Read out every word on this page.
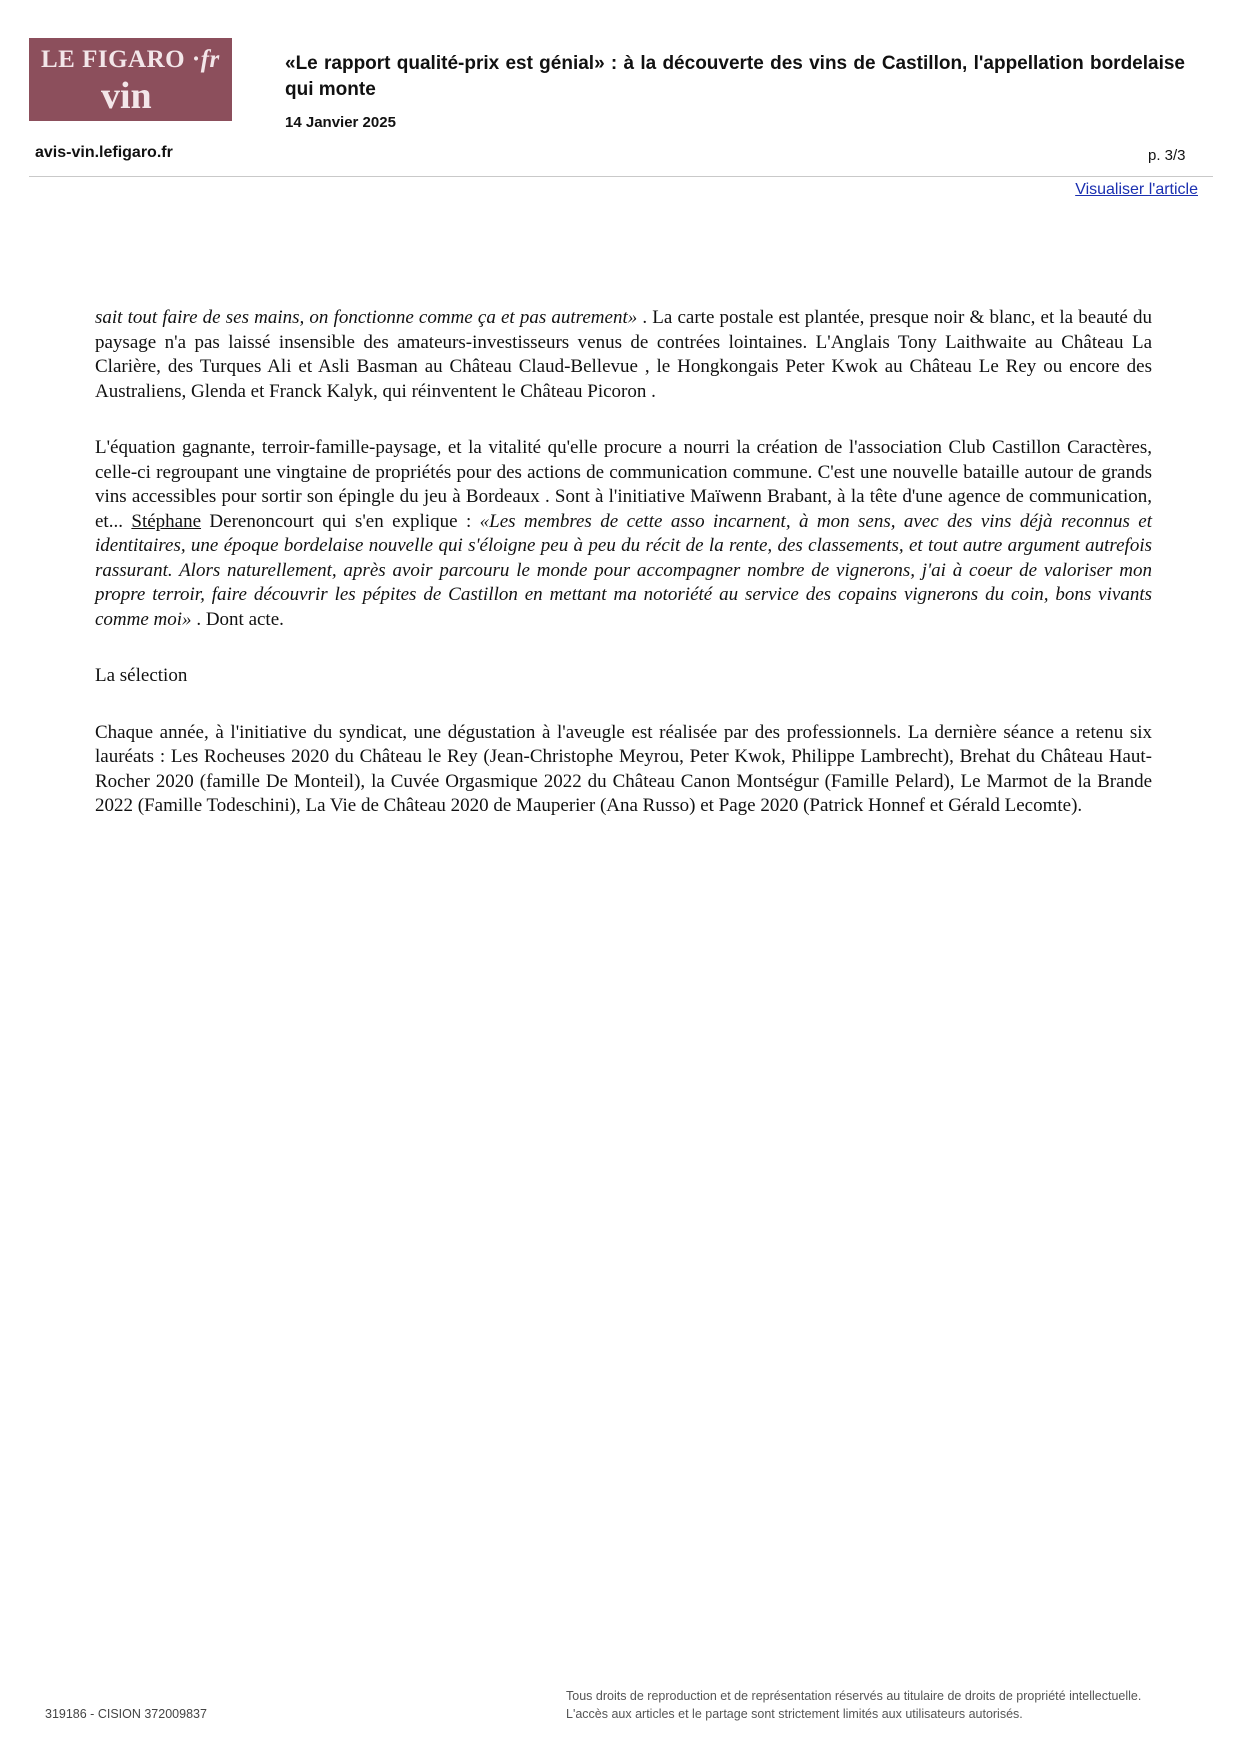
LE FIGARO ·fr
vin
«Le rapport qualité-prix est génial» : à la découverte des vins de Castillon, l'appellation bordelaise qui monte
14 Janvier 2025
avis-vin.lefigaro.fr	p. 3/3
Visualiser l'article

sait tout faire de ses mains, on fonctionne comme ça et pas autrement» . La carte postale est plantée, presque noir & blanc, et la beauté du paysage n'a pas laissé insensible des amateurs-investisseurs venus de contrées lointaines. L'Anglais Tony Laithwaite au Château La Clarière, des Turques Ali et Asli Basman au Château Claud-Bellevue , le Hongkongais Peter Kwok au Château Le Rey ou encore des Australiens, Glenda et Franck Kalyk, qui réinventent le Château Picoron .

L'équation gagnante, terroir-famille-paysage, et la vitalité qu'elle procure a nourri la création de l'association Club Castillon Caractères, celle-ci regroupant une vingtaine de propriétés pour des actions de communication commune. C'est une nouvelle bataille autour de grands vins accessibles pour sortir son épingle du jeu à Bordeaux . Sont à l'initiative Maïwenn Brabant, à la tête d'une agence de communication, et... Stéphane Derenoncourt qui s'en explique : «Les membres de cette asso incarnent, à mon sens, avec des vins déjà reconnus et identitaires, une époque bordelaise nouvelle qui s'éloigne peu à peu du récit de la rente, des classements, et tout autre argument autrefois rassurant. Alors naturellement, après avoir parcouru le monde pour accompagner nombre de vignerons, j'ai à coeur de valoriser mon propre terroir, faire découvrir les pépites de Castillon en mettant ma notoriété au service des copains vignerons du coin, bons vivants comme moi» . Dont acte.

La sélection

Chaque année, à l'initiative du syndicat, une dégustation à l'aveugle est réalisée par des professionnels. La dernière séance a retenu six lauréats : Les Rocheuses 2020 du Château le Rey (Jean-Christophe Meyrou, Peter Kwok, Philippe Lambrecht), Brehat du Château Haut-Rocher 2020 (famille De Monteil), la Cuvée Orgasmique 2022 du Château Canon Montségur (Famille Pelard), Le Marmot de la Brande 2022 (Famille Todeschini), La Vie de Château 2020 de Mauperier (Ana Russo) et Page 2020 (Patrick Honnef et Gérald Lecomte).

319186 - CISION 372009837
Tous droits de reproduction et de représentation réservés au titulaire de droits de propriété intellectuelle.
L'accès aux articles et le partage sont strictement limités aux utilisateurs autorisés.
